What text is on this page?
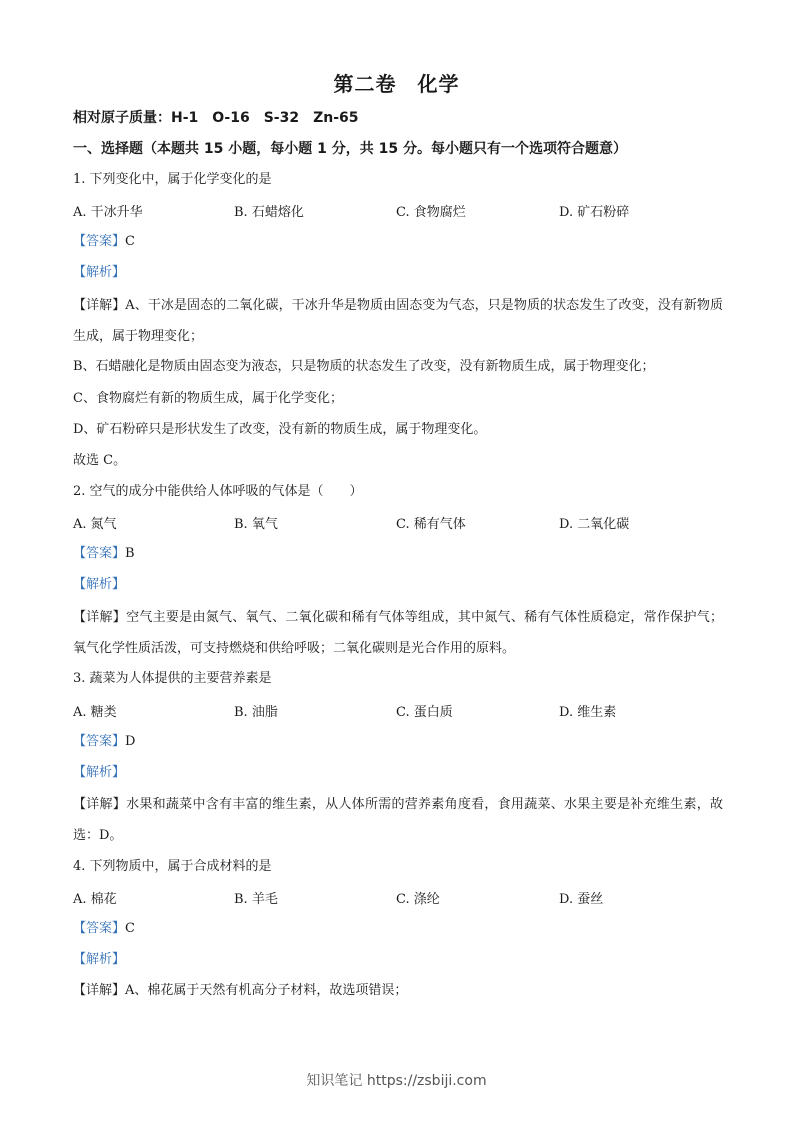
第二卷　化学
相对原子质量：H-1　O-16　S-32　Zn-65
一、选择题（本题共 15 小题，每小题 1 分，共 15 分。每小题只有一个选项符合题意）
1. 下列变化中，属于化学变化的是
A. 干冰升华	B. 石蜡熔化	C. 食物腐烂	D. 矿石粉碎
【答案】C
【解析】
【详解】A、干冰是固态的二氧化碳，干冰升华是物质由固态变为气态，只是物质的状态发生了改变，没有新物质生成，属于物理变化；
B、石蜡融化是物质由固态变为液态，只是物质的状态发生了改变，没有新物质生成，属于物理变化；
C、食物腐烂有新的物质生成，属于化学变化；
D、矿石粉碎只是形状发生了改变，没有新的物质生成，属于物理变化。
故选 C。
2. 空气的成分中能供给人体呼吸的气体是（　　）
A. 氮气	B. 氧气	C. 稀有气体	D. 二氧化碳
【答案】B
【解析】
【详解】空气主要是由氮气、氧气、二氧化碳和稀有气体等组成，其中氮气、稀有气体性质稳定，常作保护气；氧气化学性质活泼，可支持燃烧和供给呼吸；二氧化碳则是光合作用的原料。
3. 蔬菜为人体提供的主要营养素是
A. 糖类	B. 油脂	C. 蛋白质	D. 维生素
【答案】D
【解析】
【详解】水果和蔬菜中含有丰富的维生素，从人体所需的营养素角度看，食用蔬菜、水果主要是补充维生素，故选：D。
4. 下列物质中，属于合成材料的是
A. 棉花	B. 羊毛	C. 涤纶	D. 蚕丝
【答案】C
【解析】
【详解】A、棉花属于天然有机高分子材料，故选项错误；
知识笔记 https://zsbiji.com
